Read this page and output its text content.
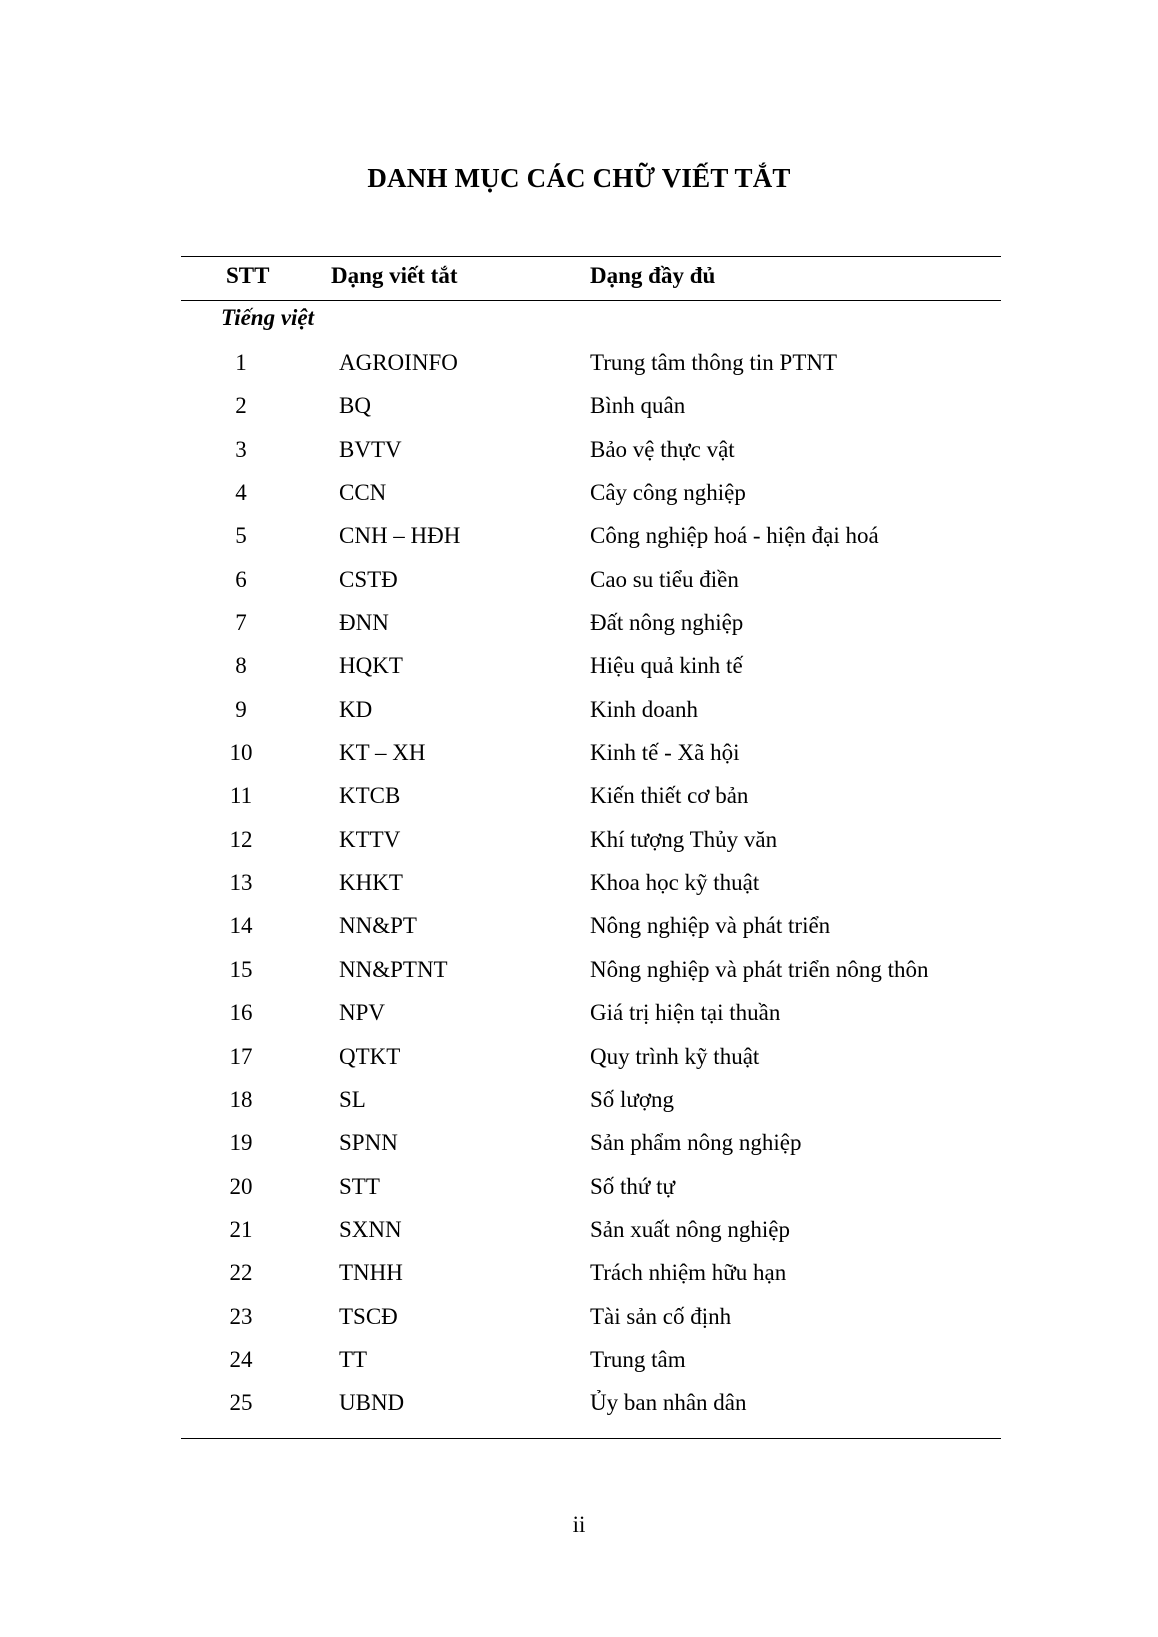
DANH MỤC CÁC CHỮ VIẾT TẮT
STT	Dạng viết tắt	Dạng đầy đủ
Tiếng việt
1	AGROINFO	Trung tâm thông tin PTNT
2	BQ	Bình quân
3	BVTV	Bảo vệ thực vật
4	CCN	Cây công nghiệp
5	CNH – HĐH	Công nghiệp hoá - hiện đại hoá
6	CSTĐ	Cao su tiểu điền
7	ĐNN	Đất nông nghiệp
8	HQKT	Hiệu quả kinh tế
9	KD	Kinh doanh
10	KT – XH	Kinh tế - Xã hội
11	KTCB	Kiến thiết cơ bản
12	KTTV	Khí tượng Thủy văn
13	KHKT	Khoa học kỹ thuật
14	NN&PT	Nông nghiệp và phát triển
15	NN&PTNT	Nông nghiệp và phát triển nông thôn
16	NPV	Giá trị hiện tại thuần
17	QTKT	Quy trình kỹ thuật
18	SL	Số lượng
19	SPNN	Sản phẩm nông nghiệp
20	STT	Số thứ tự
21	SXNN	Sản xuất nông nghiệp
22	TNHH	Trách nhiệm hữu hạn
23	TSCĐ	Tài sản cố định
24	TT	Trung tâm
25	UBND	Ủy ban nhân dân
ii
